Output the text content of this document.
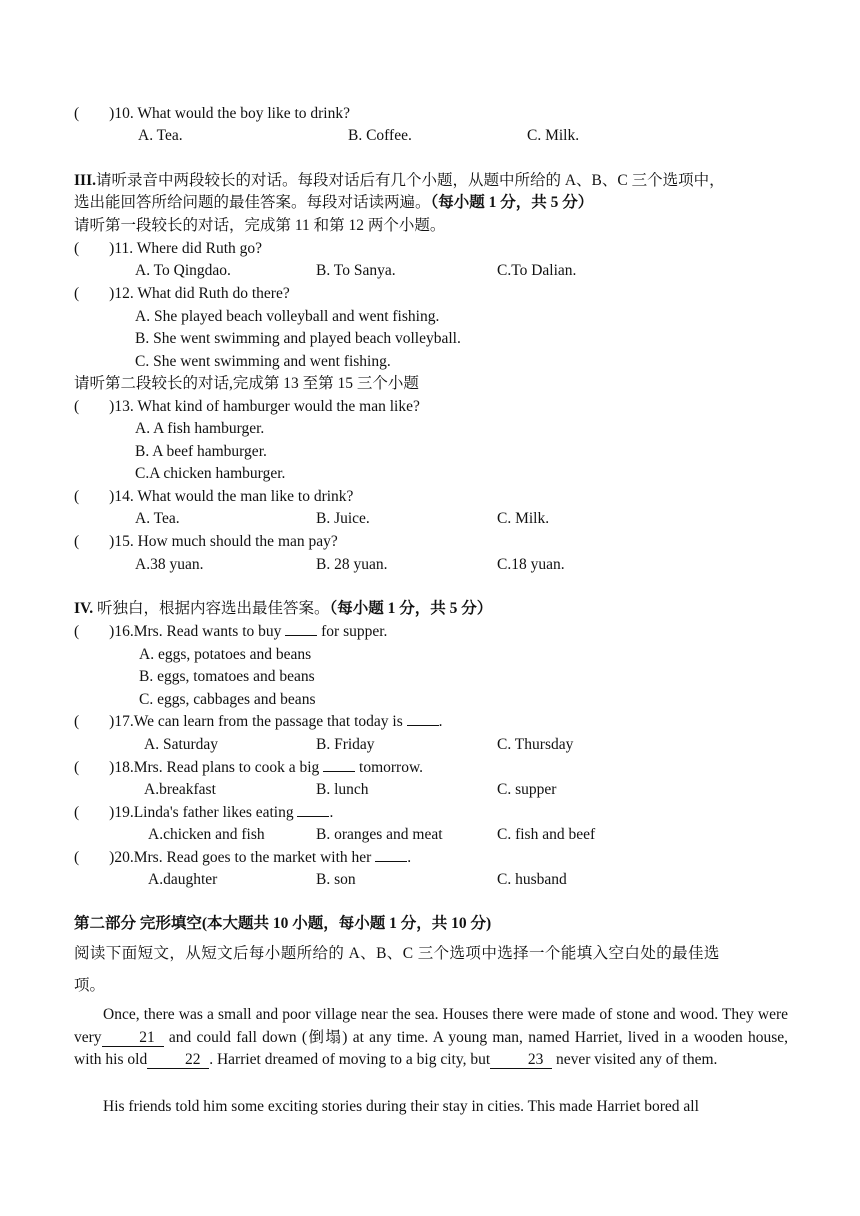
( )10. What would the boy like to drink?
A. Tea.	B. Coffee.	C. Milk.
III.请听录音中两段较长的对话。每段对话后有几个小题，从题中所给的 A、B、C 三个选项中，
选出能回答所给问题的最佳答案。每段对话读两遍。（每小题 1 分，共 5 分）
请听第一段较长的对话，完成第 11 和第 12 两个小题。
( )11. Where did Ruth go?
A. To Qingdao.	B. To Sanya.	C.To Dalian.
( )12. What did Ruth do there?
A. She played beach volleyball and went fishing.
B. She went swimming and played beach volleyball.
C. She went swimming and went fishing.
请听第二段较长的对话,完成第 13 至第 15 三个小题
( )13. What kind of hamburger would the man like?
A. A fish hamburger.
B. A beef hamburger.
C.A chicken hamburger.
( )14. What would the man like to drink?
A. Tea.	B. Juice.	C. Milk.
( )15. How much should the man pay?
A.38 yuan.	B. 28 yuan.	C.18 yuan.
IV. 听独白，根据内容选出最佳答案。（每小题 1 分，共 5 分）
( )16.Mrs. Read wants to buy	for supper.
A. eggs, potatoes and beans
B. eggs, tomatoes and beans
C. eggs, cabbages and beans
( )17.We can learn from the passage that today is .
A. Saturday	B. Friday	C. Thursday
( )18.Mrs. Read plans to cook a big	tomorrow.
A.breakfast	B. lunch	C. supper
( )19.Linda's father likes eating .
A.chicken and fish	B. oranges and meat	C. fish and beef
( )20.Mrs. Read goes to the market with her .
A.daughter	B. son	C. husband
第二部分 完形填空(本大题共 10 小题，每小题 1 分，共 10 分)
阅读下面短文，从短文后每小题所给的 A、B、C 三个选项中选择一个能填入空白处的最佳选
项。
Once, there was a small and poor village near the sea. Houses there were made of stone and wood. They were very 21 and could fall down (倒塌) at any time. A young man, named Harriet, lived in a wooden house, with his old 22 . Harriet dreamed of moving to a big city, but 23 never visited any of them.
His friends told him some exciting stories during their stay in cities. This made Harriet bored all
